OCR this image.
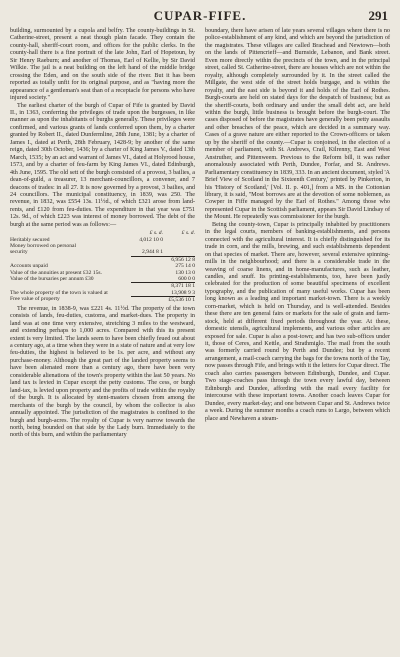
CUPAR-FIFE.	291

building, surmounted by a cupola and belfry. The county-buildings in St. Catherine-street, present a neat though plain facade. They contain the county-hall, sheriff-court room, and offices for the public clerks. In the county-hall there is a fine portrait of the late John, Earl of Hopetoun, by Sir Henry Raeburn; and another of Thomas, Earl of Kellie, by Sir David Wilkie. The jail is a neat building on the left hand of the middle bridge crossing the Eden, and on the south side of the river. But it has been reported as totally unfit for its original purpose, and as "having more the appearance of a gentleman's seat than of a receptacle for persons who have injured society."

The earliest charter of the burgh of Cupar of Fife is granted by David II., in 1363, conferring the privileges of trade upon the burgesses, in like manner as upon the inhabitants of burghs generally. These privileges were confirmed, and various grants of lands conferred upon them, by a charter granted by Robert II., dated Dunfermline, 28th June, 1381; by a charter of James I., dated at Perth, 28th February, 1428-9; by another of the same reign, dated 30th October, 1436; by a charter of King James V., dated 13th March, 1535; by an act and warrant of James VI., dated at Holyrood house, 1573, and by a charter of feu-farm by King James VI., dated Edinburgh, 4th June, 1595. The old sett of the burgh consisted of a provost, 3 bailies, a dean-of-guild, a treasurer, 13 merchant-councillors, a convener, and 7 deacons of trades: in all 27. It is now governed by a provost, 3 bailies, and 24 councillors. The municipal constituency, in 1839, was 250. The revenue, in 1832, was £554 13s. 11½d., of which £321 arose from land-rents, and £120 from feu-duties. The expenditure in that year was £751 12s. 9d., of which £223 was interest of money borrowed. The debt of the burgh at the same period was as follows:—

£ s. d.	£ s. d.
Heritably secured	4,012 10 0
Money borrowed on personal
security	2,944 8 1
6,956 12 8
Accounts unpaid	275 14 0
Value of the annuities at present £32 15s.	130 13 0
Value of the bursaries per annum £30	600 0 0
8,371 18 1
The whole property of the town is valued at	13,908 9 3
Free value of property	£5,536 10 1

The revenue, in 1838-9, was £221 4s. 11½d. The property of the town consists of lands, feu-duties, customs, and market-dues. The property in land was at one time very extensive, stretching 3 miles to the westward, and extending perhaps to 1,000 acres. Compared with this its present extent is very limited. The lands seem to have been chiefly feued out about a century ago, at a time when they were in a state of nature and at very low feu-duties, the highest is believed to be 1s. per acre, and without any purchase-money. Although the great part of the landed property seems to have been alienated more than a century ago, there have been very considerable alienations of the town's property within the last 50 years. No land tax is levied in Cupar except the petty customs. The cess, or burgh land-tax, is levied upon property and the profits of trade within the royalty of the burgh. It is allocated by stent-masters chosen from among the merchants of the burgh by the council, by whom the collector is also annually appointed. The jurisdiction of the magistrates is confined to the burgh and burgh-acres. The royalty of Cupar is very narrow towards the north, being bounded on that side by the Lady burn. Immediately to the north of this burn, and within the parliamentary

boundary, there have arisen of late years several villages where there is no police-establishment of any kind, and which are beyond the jurisdiction of the magistrates. These villages are called Brachead and Newtown—both on the lands of Pittencrieff—and Burnside, Lebanon, and Bank street. Even more directly within the precincts of the town, and in the principal street, called St. Catherine-street, there are houses which are not within the royalty, although completely surrounded by it. In the street called the Millgate, the west side of the street holds burgage, and is within the royalty, and the east side is beyond it and holds of the Earl of Rothes. Burgh-courts are held on stated days for the despatch of business; but as the sheriff-courts, both ordinary and under the small debt act, are held within the burgh, little business is brought before the burgh-court. The cases disposed of before the magistrates have generally been petty assaults and other breaches of the peace, which are decided in a summary way. Cases of a grave nature are either reported to the Crown-officers or taken up by the sheriff of the county.—Cupar is conjoined, in the election of a member of parliament, with St. Andrews, Crail, Kilrenny, East and West Anstruther, and Pittenweem. Previous to the Reform bill, it was rather anomalously associated with Perth, Dundee, Forfar, and St. Andrews. Parliamentary constituency in 1839, 333. In an ancient document, styled 'A Brief View of Scotland in the Sixteenth Century,' printed by Pinkerton, in his 'History of Scotland,' [Vol. II. p. 401,] from a MS. in the Cottonian library, it is said, "Most borrows are at the devotion of some noblemen, as Cowper in Fiffe managed by the Earl of Rothes." Among those who represented Cupar in the Scottish parliament, appears Sir David Lindsay of the Mount. He repeatedly was commissioner for the burgh.

Being the county-town, Cupar is principally inhabited by practitioners in the legal courts, members of banking-establishments, and persons connected with the agricultural interest. It is chiefly distinguished for its trade in corn, and the mills, brewing, and such establishments dependent on that species of market. There are, however, several extensive spinning-mills in the neighbourhood; and there is a considerable trade in the weaving of coarse linens, and in home-manufactures, such as leather, candles, and snuff. Its printing-establishments, too, have been justly celebrated for the production of some beautiful specimens of excellent typography, and the publication of many useful works. Cupar has been long known as a leading and important market-town. There is a weekly corn-market, which is held on Thursday, and is well-attended. Besides these there are ten general fairs or markets for the sale of grain and farm-stock, held at different fixed periods throughout the year. At these, domestic utensils, agricultural implements, and various other articles are exposed for sale. Cupar is also a post-town; and has two sub-offices under it, those of Ceres, and Kettle, and Strathmiglo. The mail from the south was formerly carried round by Perth and Dundee; but by a recent arrangement, a mail-coach carrying the bags for the towns north of the Tay, now passes through Fife, and brings with it the letters for Cupar direct. The coach also carries passengers between Edinburgh, Dundee, and Cupar. Two stage-coaches pass through the town every lawful day, between Edinburgh and Dundee, affording with the mail every facility for intercourse with these important towns. Another coach leaves Cupar for Dundee, every market-day; and one between Cupar and St. Andrews twice a week. During the summer months a coach runs to Largo, between which place and Newhaven a steam-
